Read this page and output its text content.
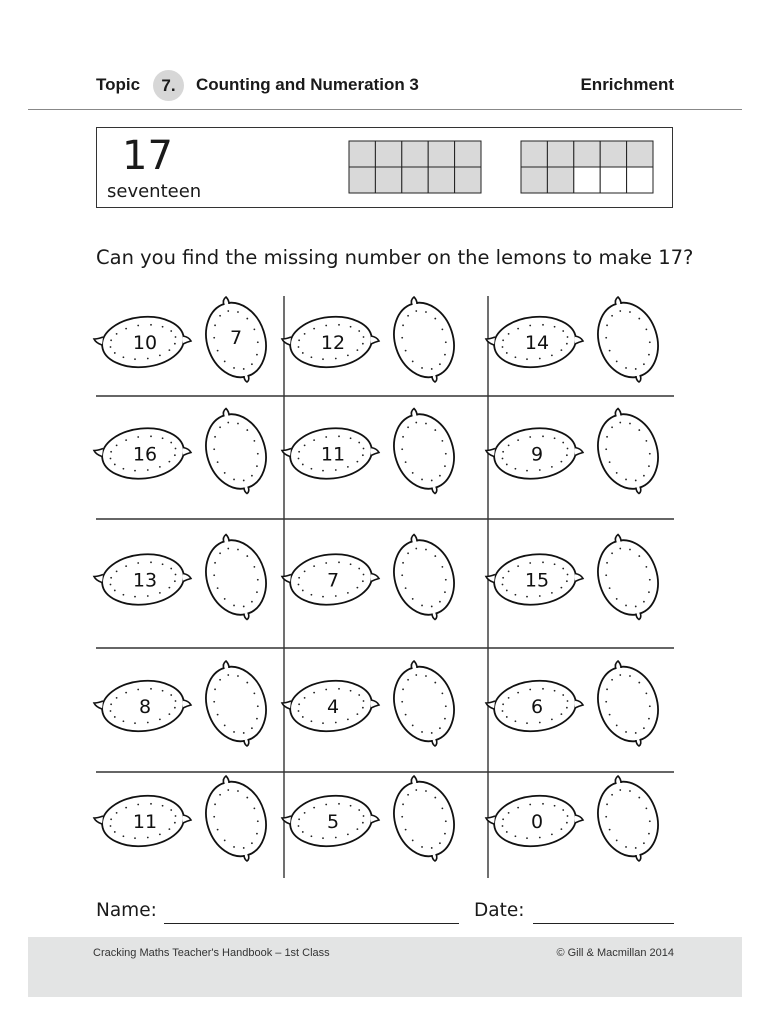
Topic	7.	Counting and Numeration 3	Enrichment
17
seventeen
Can you find the missing number on the lemons to make 17?
10	7	12	14
16	11	9
13	7	15
8	4	6
11	5	0
Name:	Date:
Cracking Maths Teacher's Handbook – 1st Class	© Gill & Macmillan 2014
